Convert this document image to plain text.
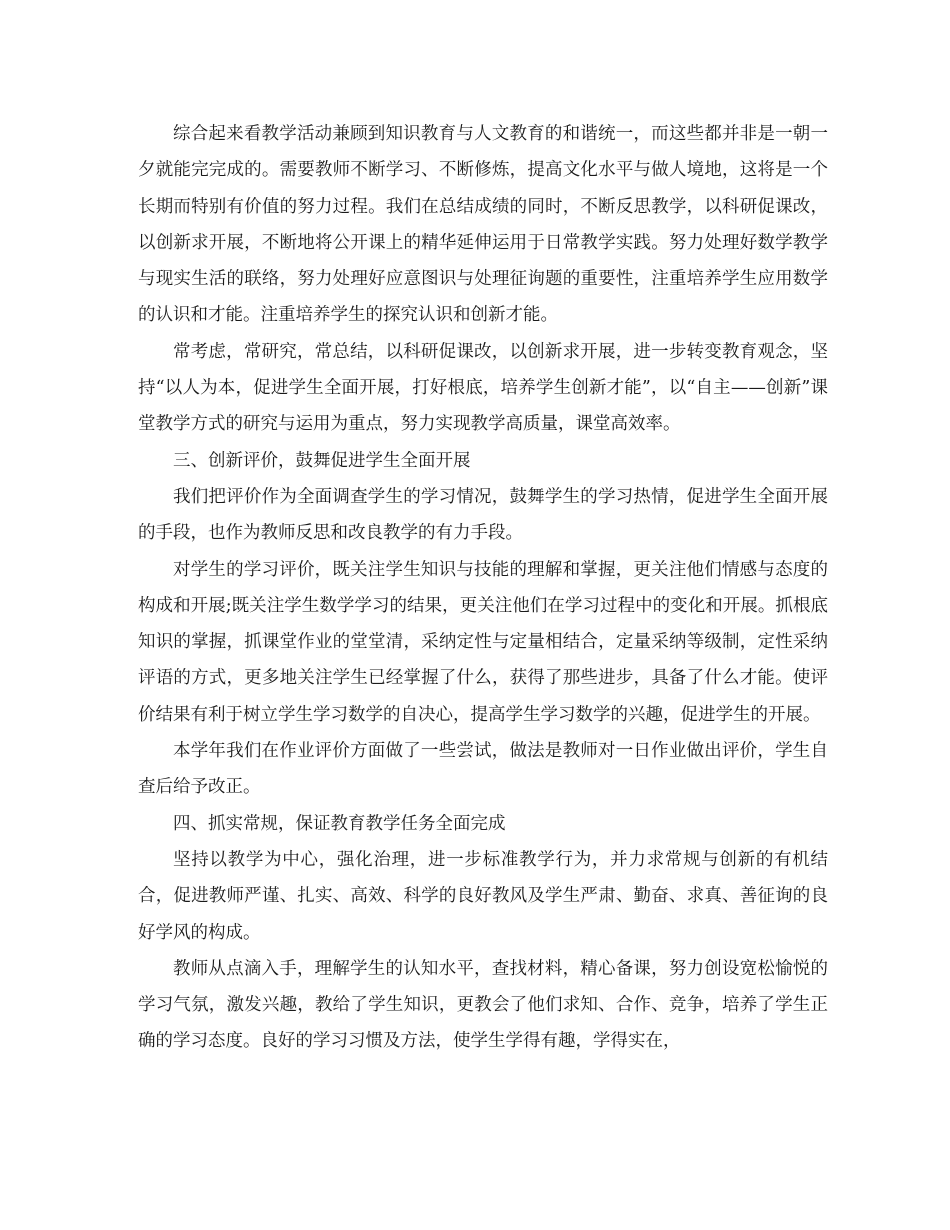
综合起来看教学活动兼顾到知识教育与人文教育的和谐统一，而这些都并非是一朝一夕就能完完成的。需要教师不断学习、不断修炼，提高文化水平与做人境地，这将是一个长期而特别有价值的努力过程。我们在总结成绩的同时，不断反思教学，以科研促课改，以创新求开展，不断地将公开课上的精华延伸运用于日常教学实践。努力处理好数学教学与现实生活的联络，努力处理好应意图识与处理征询题的重要性，注重培养学生应用数学的认识和才能。注重培养学生的探究认识和创新才能。

常考虑，常研究，常总结，以科研促课改，以创新求开展，进一步转变教育观念，坚持“以人为本，促进学生全面开展，打好根底，培养学生创新才能”，以“自主——创新”课堂教学方式的研究与运用为重点，努力实现教学高质量，课堂高效率。

三、创新评价，鼓舞促进学生全面开展

我们把评价作为全面调查学生的学习情况，鼓舞学生的学习热情，促进学生全面开展的手段，也作为教师反思和改良教学的有力手段。

对学生的学习评价，既关注学生知识与技能的理解和掌握，更关注他们情感与态度的构成和开展;既关注学生数学学习的结果，更关注他们在学习过程中的变化和开展。抓根底知识的掌握，抓课堂作业的堂堂清，采纳定性与定量相结合，定量采纳等级制，定性采纳评语的方式，更多地关注学生已经掌握了什么，获得了那些进步，具备了什么才能。使评价结果有利于树立学生学习数学的自决心，提高学生学习数学的兴趣，促进学生的开展。

本学年我们在作业评价方面做了一些尝试，做法是教师对一日作业做出评价，学生自查后给予改正。

四、抓实常规，保证教育教学任务全面完成

坚持以教学为中心，强化治理，进一步标准教学行为，并力求常规与创新的有机结合，促进教师严谨、扎实、高效、科学的良好教风及学生严肃、勤奋、求真、善征询的良好学风的构成。

教师从点滴入手，理解学生的认知水平，查找材料，精心备课，努力创设宽松愉悦的学习气氛，激发兴趣，教给了学生知识，更教会了他们求知、合作、竞争，培养了学生正确的学习态度。良好的学习习惯及方法，使学生学得有趣，学得实在，
